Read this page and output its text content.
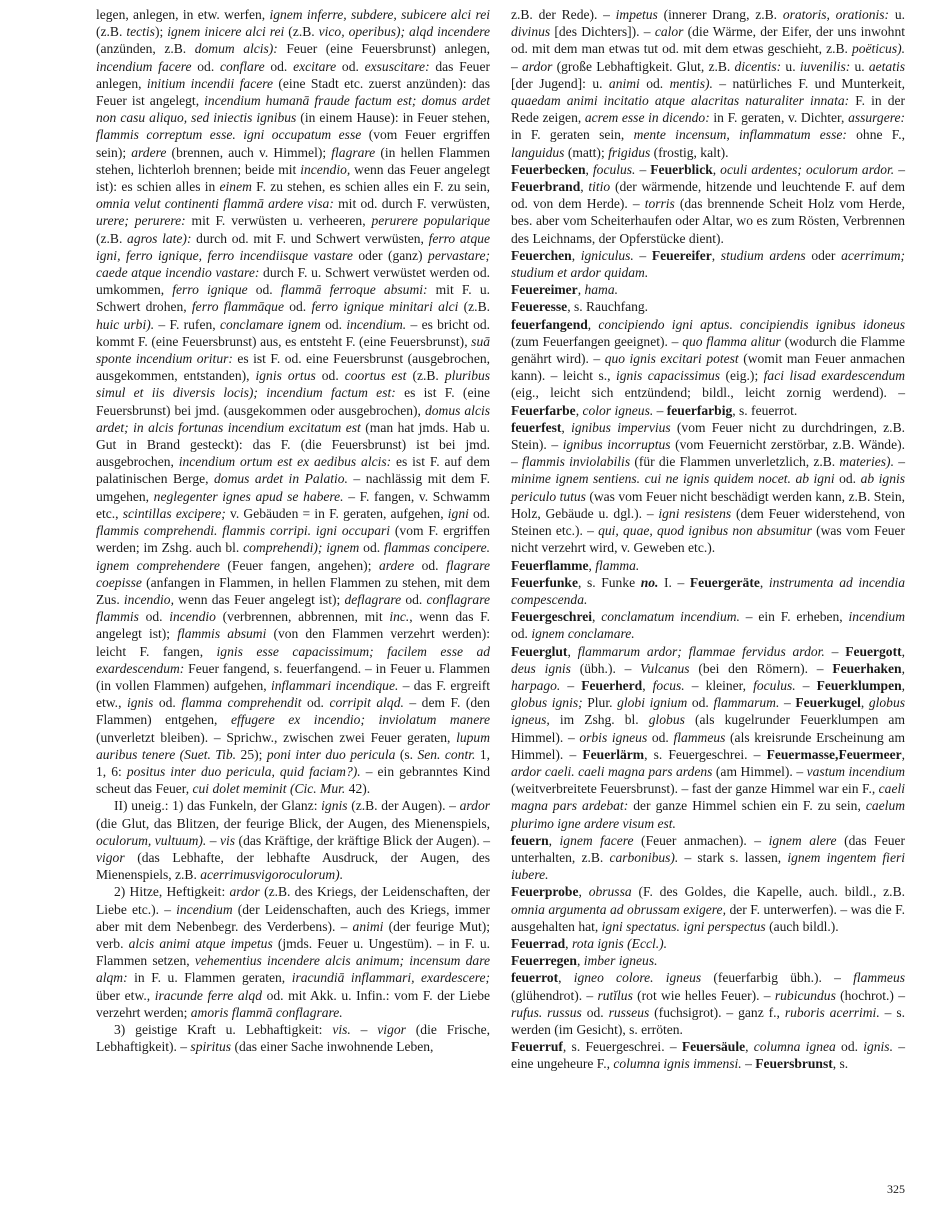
legen, anlegen, in etw. werfen, ignem inferre, subdere, subicere alci rei (z.B. tectis); ignem inicere alci rei (z.B. vico, operibus); alqd incendere (anzünden, z.B. domum alcis): Feuer (eine Feuersbrunst) anlegen, incendium facere od. conflare od. excitare od. exsuscitare: das Feuer anlegen, initium incendii facere (eine Stadt etc. zuerst anzünden): das Feuer ist angelegt, incendium humanā fraude factum est; domus ardet non casu aliquo, sed iniectis ignibus (in einem Hause): in Feuer stehen, flammis correptum esse. igni occupatum esse (vom Feuer ergriffen sein); ardere (brennen, auch v. Himmel); flagrare (in hellen Flammen stehen, lichterloh brennen; beide mit incendio, wenn das Feuer angelegt ist): es schien alles in einem F. zu stehen, es schien alles ein F. zu sein, omnia velut continenti flammā ardere visa: mit od. durch F. verwüsten, urere; perurere: mit F. verwüsten u. verheeren, perurere popularique (z.B. agros late): durch od. mit F. und Schwert verwüsten, ferro atque igni, ferro ignique, ferro incendiisque vastare oder (ganz) pervastare; caede atque incendio vastare: durch F. u. Schwert verwüstet werden od. umkommen, ferro ignique od. flammā ferroque absumi: mit F. u. Schwert drohen, ferro flammāque od. ferro ignique minitari alci (z.B. huic urbi). – F. rufen, conclamare ignem od. incendium. – es bricht od. kommt F. (eine Feuersbrunst) aus, es entsteht F. (eine Feuersbrunst), suā sponte incendium oritur: es ist F. od. eine Feuersbrunst (ausgebrochen, ausgekommen, entstanden), ignis ortus od. coortus est (z.B. pluribus simul et iis diversis locis); incendium factum est: es ist F. (eine Feuersbrunst) bei jmd. (ausgekommen oder ausgebrochen), domus alcis ardet; in alcis fortunas incendium excitatum est (man hat jmds. Hab u. Gut in Brand gesteckt): das F. (die Feuersbrunst) ist bei jmd. ausgebrochen, incendium ortum est ex aedibus alcis: es ist F. auf dem palatinischen Berge, domus ardet in Palatio. – nachlässig mit dem F. umgehen, neglegenter ignes apud se habere. – F. fangen, v. Schwamm etc., scintillas excipere; v. Gebäuden = in F. geraten, aufgehen, igni od. flammis comprehendi. flammis corripi. igni occupari (vom F. ergriffen werden; im Zshg. auch bl. comprehendi); ignem od. flammas concipere. ignem comprehendere (Feuer fangen, angehen); ardere od. flagrare coepisse (anfangen in Flammen, in hellen Flammen zu stehen, mit dem Zus. incendio, wenn das Feuer angelegt ist); deflagrare od. conflagrare flammis od. incendio (verbrennen, abbrennen, mit inc., wenn das F. angelegt ist); flammis absumi (von den Flammen verzehrt werden): leicht F. fangen, ignis esse capacissimum; facilem esse ad exardescendum: Feuer fangend, s. feuerfangend. – in Feuer u. Flammen (in vollen Flammen) aufgehen, inflammari incendique. – das F. ergreift etw., ignis od. flamma comprehendit od. corripit alqd. – dem F. (den Flammen) entgehen, effugere ex incendio; inviolatum manere (unverletzt bleiben). – Sprichw., zwischen zwei Feuer geraten, lupum auribus tenere (Suet. Tib. 25); poni inter duo pericula (s. Sen. contr. 1, 1, 6: positus inter duo pericula, quid faciam?). – ein gebranntes Kind scheut das Feuer, cui dolet meminit (Cic. Mur. 42).

II) uneig.: 1) das Funkeln, der Glanz: ignis (z.B. der Augen). – ardor (die Glut, das Blitzen, der feurige Blick, der Augen, des Mienenspiels, oculorum, vultuum). – vis (das Kräftige, der kräftige Blick der Augen). – vigor (das Lebhafte, der lebhafte Ausdruck, der Augen, des Mienenspiels, z.B. acerrimusvigoroculorum).

2) Hitze, Heftigkeit: ardor (z.B. des Kriegs, der Leidenschaften, der Liebe etc.). – incendium (der Leidenschaften, auch des Kriegs, immer aber mit dem Nebenbegr. des Verderbens). – animi (der feurige Mut); verb. alcis animi atque impetus (jmds. Feuer u. Ungestüm). – in F. u. Flammen setzen, vehementius incendere alcis animum; incensum dare alqm: in F. u. Flammen geraten, iracundiā inflammari, exardescere; über etw., iracunde ferre alqd od. mit Akk. u. Infin.: vom F. der Liebe verzehrt werden; amoris flammā conflagrare.

3) geistige Kraft u. Lebhaftigkeit: vis. – vigor (die Frische, Lebhaftigkeit). – spiritus (das einer Sache inwohnende Leben,

z.B. der Rede). – impetus (innerer Drang, z.B. oratoris, orationis: u. divinus [des Dichters]). – calor (die Wärme, der Eifer, der uns inwohnt od. mit dem man etwas tut od. mit dem etwas geschieht, z.B. poëticus). – ardor (große Lebhaftigkeit. Glut, z.B. dicentis: u. iuvenilis: u. aetatis [der Jugend]: u. animi od. mentis). – natürliches F. und Munterkeit, quaedam animi incitatio atque alacritas naturaliter innata: F. in der Rede zeigen, acrem esse in dicendo: in F. geraten, v. Dichter, assurgere: in F. geraten sein, mente incensum, inflammatum esse: ohne F., languidus (matt); frigidus (frostig, kalt).

Feuerbecken, foculus. – Feuerblick, oculi ardentes; oculorum ardor. – Feuerbrand, titio (der wärmende, hitzende und leuchtende F. auf dem od. von dem Herde). – torris (das brennende Scheit Holz vom Herde, bes. aber vom Scheiterhaufen oder Altar, wo es zum Rösten, Verbrennen des Leichnams, der Opferstücke dient).

Feuerchen, igniculus. – Feuereifer, studium ardens oder acerrimum; studium et ardor quidam.

Feuereimer, hama.

Feueresse, s. Rauchfang.

feuerfangend, concipiendo igni aptus. concipiendis ignibus idoneus (zum Feuerfangen geeignet). – quo flamma alitur (wodurch die Flamme genährt wird). – quo ignis excitari potest (womit man Feuer anmachen kann). – leicht s., ignis capacissimus (eig.); faci lisad exardescendum (eig., leicht sich entzündend; bildl., leicht zornig werdend). – Feuerfarbe, color igneus. – feuerfarbig, s. feuerrot.

feuerfest, ignibus impervius (vom Feuer nicht zu durchdringen, z.B. Stein). – ignibus incorruptus (vom Feuernicht zerstörbar, z.B. Wände). – flammis inviolabilis (für die Flammen unverletzlich, z.B. materies). – minime ignem sentiens. cui ne ignis quidem nocet. ab igni od. ab ignis periculo tutus (was vom Feuer nicht beschädigt werden kann, z.B. Stein, Holz, Gebäude u. dgl.). – igni resistens (dem Feuer widerstehend, von Steinen etc.). – qui, quae, quod ignibus non absumitur (was vom Feuer nicht verzehrt wird, v. Geweben etc.).

Feuerflamme, flamma.

Feuerfunke, s. Funke no. I. – Feuergeräte, instrumenta ad incendia compescenda.

Feuergeschrei, conclamatum incendium. – ein F. erheben, incendium od. ignem conclamare.

Feuerglut, flammarum ardor; flammae fervidus ardor. – Feuergott, deus ignis (übh.). – Vulcanus (bei den Römern). – Feuerhaken, harpago. – Feuerherd, focus. – kleiner, foculus. – Feuerklumpen, globus ignis; Plur. globi ignium od. flammarum. – Feuerkugel, globus igneus, im Zshg. bl. globus (als kugelrunder Feuerklumpen am Himmel). – orbis igneus od. flammeus (als kreisrunde Erscheinung am Himmel). – Feuerlärm, s. Feuergeschrei. – Feuermasse,Feuermeer, ardor caeli. caeli magna pars ardens (am Himmel). – vastum incendium (weitverbreitete Feuersbrunst). – fast der ganze Himmel war ein F., caeli magna pars ardebat: der ganze Himmel schien ein F. zu sein, caelum plurimo igne ardere visum est.

feuern, ignem facere (Feuer anmachen). – ignem alere (das Feuer unterhalten, z.B. carbonibus). – stark s. lassen, ignem ingentem fieri iubere.

Feuerprobe, obrussa (F. des Goldes, die Kapelle, auch. bildl., z.B. omnia argumenta ad obrussam exigere, der F. unterwerfen). – was die F. ausgehalten hat, igni spectatus. igni perspectus (auch bildl.).

Feuerrad, rota ignis (Eccl.).

Feuerregen, imber igneus.

feuerrot, igneo colore. igneus (feuerfarbig übh.). – flammeus (glühendrot). – rutĭlus (rot wie helles Feuer). – rubicundus (hochrot.) – rufus. russus od. russeus (fuchsigrot). – ganz f., ruboris acerrimi. – s. werden (im Gesicht), s. erröten.

Feuerruf, s. Feuergeschrei. – Feuersäule, columna ignea od. ignis. – eine ungeheure F., columna ignis immensi. – Feuersbrunst, s.

325
